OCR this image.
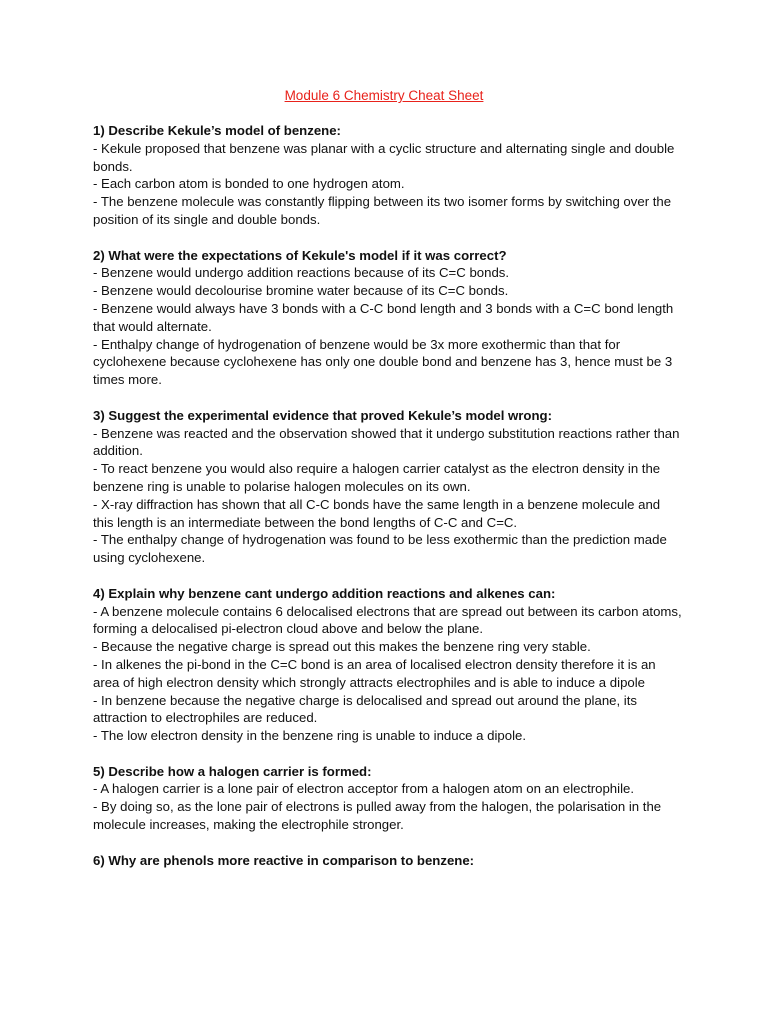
Module 6 Chemistry Cheat Sheet
1) Describe Kekule’s model of benzene:
- Kekule proposed that benzene was planar with a cyclic structure and alternating single and double bonds.
- Each carbon atom is bonded to one hydrogen atom.
- The benzene molecule was constantly flipping between its two isomer forms by switching over the position of its single and double bonds.
2) What were the expectations of Kekule's model if it was correct?
- Benzene would undergo addition reactions because of its C=C bonds.
- Benzene would decolourise bromine water because of its C=C bonds.
- Benzene would always have 3 bonds with a C-C bond length and 3 bonds with a C=C bond length that would alternate.
- Enthalpy change of hydrogenation of benzene would be 3x more exothermic than that for cyclohexene because cyclohexene has only one double bond and benzene has 3, hence must be 3 times more.
3) Suggest the experimental evidence that proved Kekule’s model wrong:
- Benzene was reacted and the observation showed that it undergo substitution reactions rather than addition.
- To react benzene you would also require a halogen carrier catalyst as the electron density in the benzene ring is unable to polarise halogen molecules on its own.
- X-ray diffraction has shown that all C-C bonds have the same length in a benzene molecule and this length is an intermediate between the bond lengths of C-C and C=C.
- The enthalpy change of hydrogenation was found to be less exothermic than the prediction made using cyclohexene.
4) Explain why benzene cant undergo addition reactions and alkenes can:
- A benzene molecule contains 6 delocalised electrons that are spread out between its carbon atoms, forming a delocalised pi-electron cloud above and below the plane.
- Because the negative charge is spread out this makes the benzene ring very stable.
- In alkenes the pi-bond in the C=C bond is an area of localised electron density therefore it is an area of high electron density which strongly attracts electrophiles and is able to induce a dipole
- In benzene because the negative charge is delocalised and spread out around the plane, its attraction to electrophiles are reduced.
- The low electron density in the benzene ring is unable to induce a dipole.
5) Describe how a halogen carrier is formed:
- A halogen carrier is a lone pair of electron acceptor from a halogen atom on an electrophile.
- By doing so, as the lone pair of electrons is pulled away from the halogen, the polarisation in the molecule increases, making the electrophile stronger.
6) Why are phenols more reactive in comparison to benzene:
